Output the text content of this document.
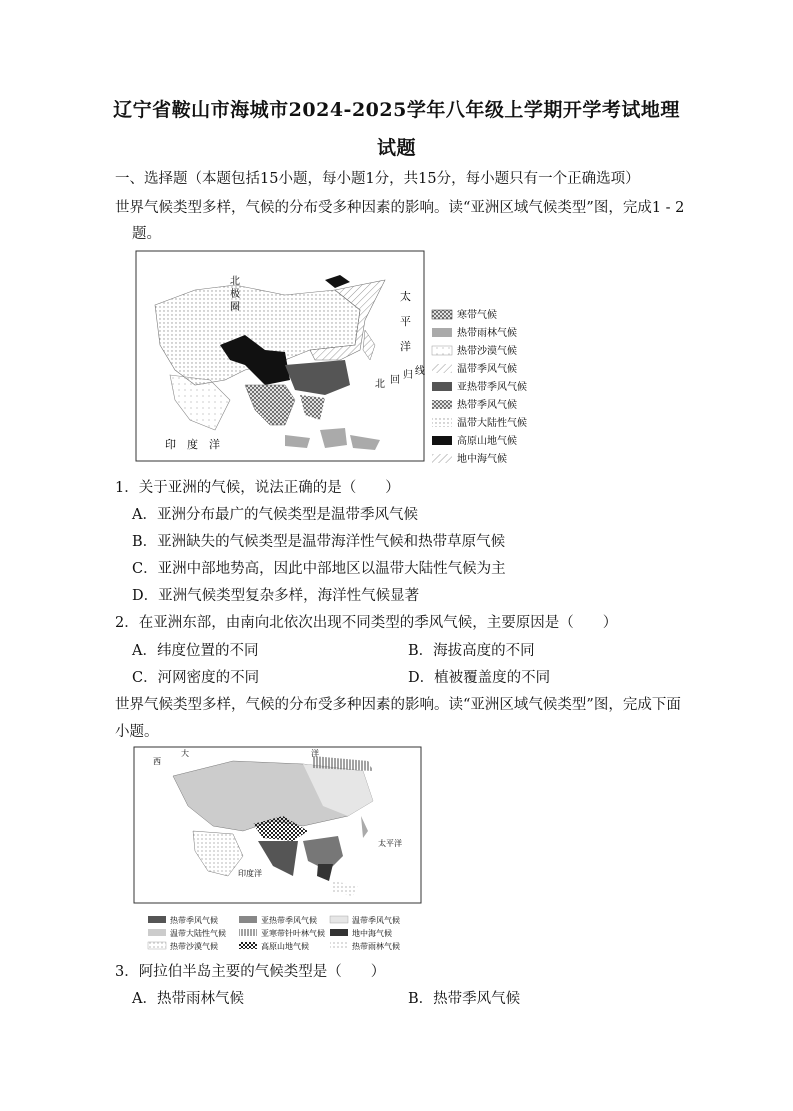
辽宁省鞍山市海城市2024-2025学年八年级上学期开学考试地理
试题
一、选择题（本题包括15小题，每小题1分，共15分，每小题只有一个正确选项）
世界气候类型多样，气候的分布受多种因素的影响。读“亚洲区域气候类型”图，完成1 - 2
题。
北
极
圈
太
平
洋
北 回 归 线
印　度　洋
寒带气候
热带雨林气候
热带沙漠气候
温带季风气候
亚热带季风气候
热带季风气候
温带大陆性气候
高原山地气候
地中海气候
1．关于亚洲的气候，说法正确的是（　　）
A．亚洲分布最广的气候类型是温带季风气候
B．亚洲缺失的气候类型是温带海洋性气候和热带草原气候
C．亚洲中部地势高，因此中部地区以温带大陆性气候为主
D．亚洲气候类型复杂多样，海洋性气候显著
2．在亚洲东部，由南向北依次出现不同类型的季风气候，主要原因是（　　）
A．纬度位置的不同	B．海拔高度的不同
C．河网密度的不同	D．植被覆盖度的不同
世界气候类型多样，气候的分布受多种因素的影响。读“亚洲区域气候类型”图，完成下面
小题。
西
大	洋
太平洋
印度洋
热带季风气候	亚热带季风气候	温带季风气候
温带大陆性气候	亚寒带针叶林气候	地中海气候
热带沙漠气候	高原山地气候	热带雨林气候
3．阿拉伯半岛主要的气候类型是（　　）
A．热带雨林气候	B．热带季风气候
